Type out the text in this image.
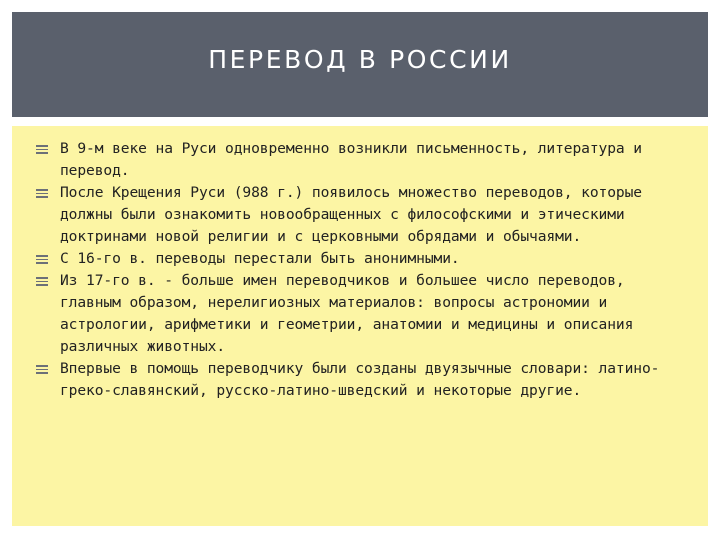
ПЕРЕВОД В РОССИИ
В 9-м веке на Руси одновременно возникли письменность, литература и перевод.
После Крещения Руси (988 г.) появилось множество переводов, которые должны были ознакомить новообращенных с философскими и этическими доктринами новой религии и с церковными обрядами и обычаями.
С 16-го в. переводы перестали быть анонимными.
Из 17-го в. - больше имен переводчиков и большее число переводов, главным образом, нерелигиозных материалов: вопросы астрономии и астрологии, арифметики и геометрии, анатомии и медицины и описания различных животных.
Впервые в помощь переводчику были созданы двуязычные словари: латино-греко-славянский, русско-латино-шведский и некоторые другие.
